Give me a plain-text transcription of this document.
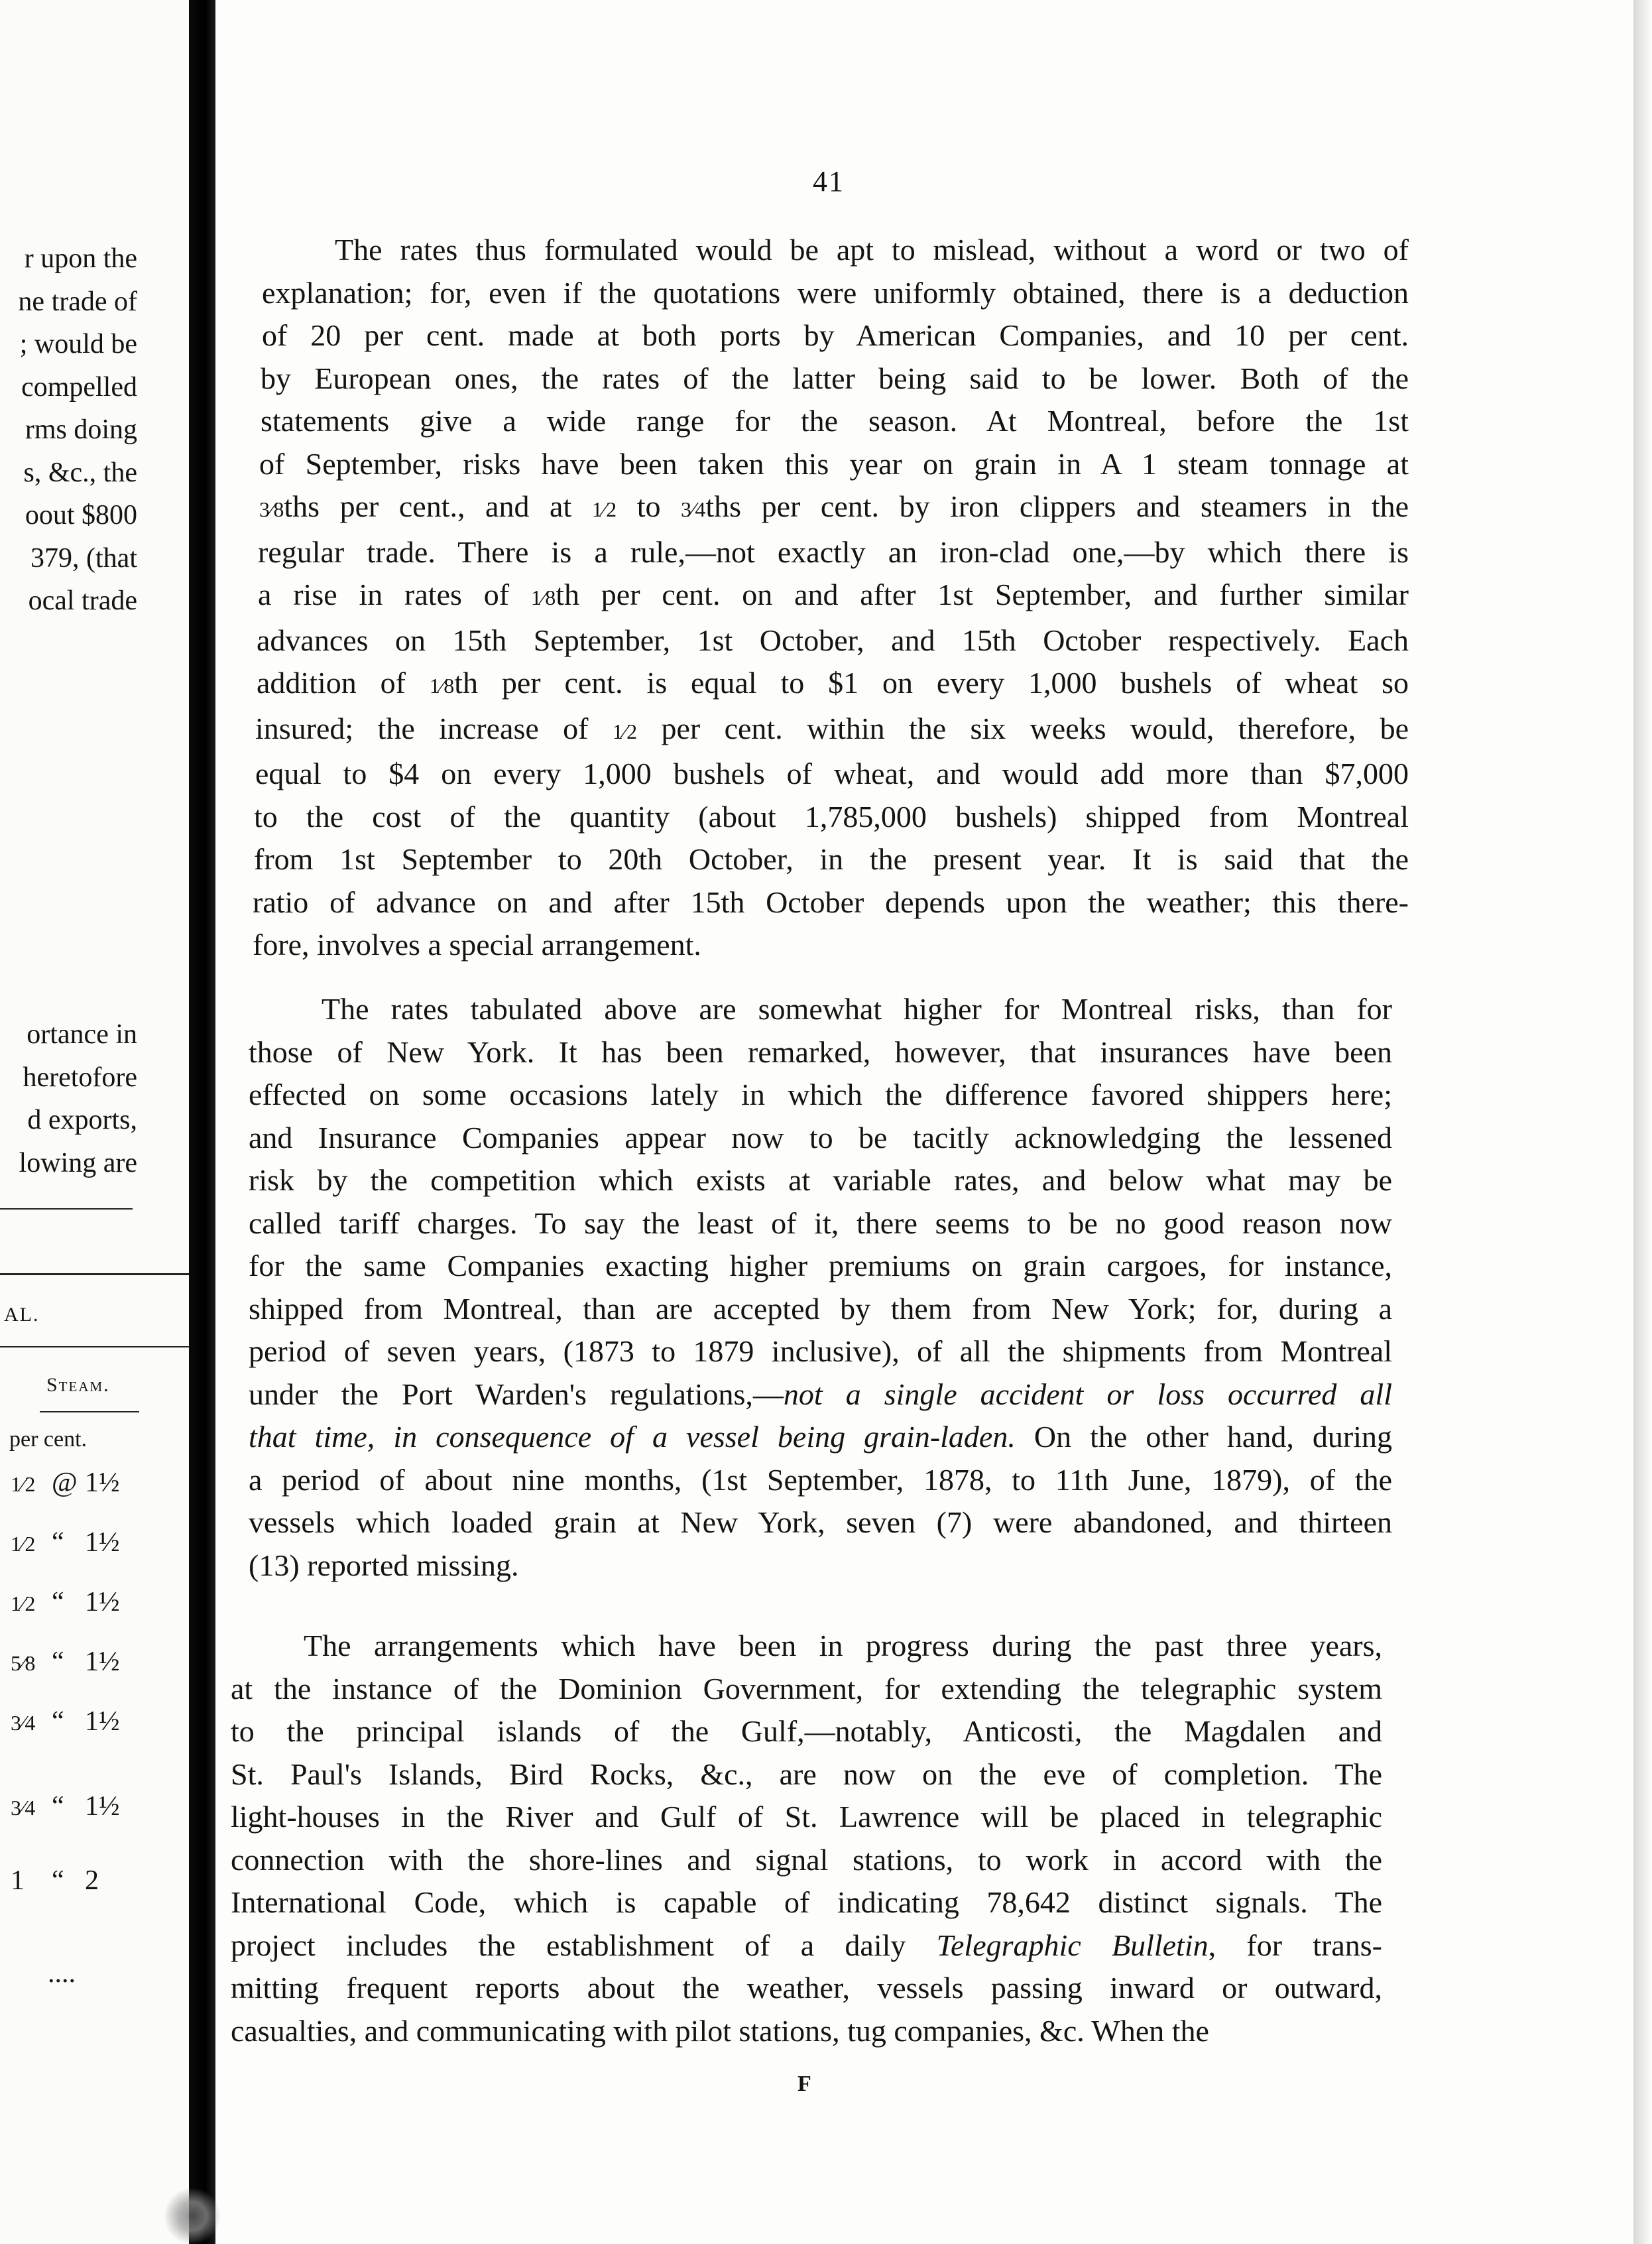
r upon the
ne trade of
; would be
compelled
rms doing
s, &c., the
oout $800
379, (that
ocal trade
ortance in
heretofore
d exports,
lowing are
AL.
Steam.
per cent.
1⁄2 @ 1½
1⁄2 “ 1½
1⁄2 “ 1½
5⁄8 “ 1½
3⁄4 “ 1½
3⁄4 “ 1½
1 “ 2
....
41
The rates thus formulated would be apt to mislead, without a word or two of
explanation; for, even if the quotations were uniformly obtained, there is a deduction
of 20 per cent. made at both ports by American Companies, and 10 per cent.
by European ones, the rates of the latter being said to be lower. Both of the
statements give a wide range for the season. At Montreal, before the 1st
of September, risks have been taken this year on grain in A 1 steam tonnage at
3⁄8ths per cent., and at 1⁄2 to 3⁄4ths per cent. by iron clippers and steamers in the
regular trade. There is a rule,—not exactly an iron-clad one,—by which there is
a rise in rates of 1⁄8th per cent. on and after 1st September, and further similar
advances on 15th September, 1st October, and 15th October respectively. Each
addition of 1⁄8th per cent. is equal to $1 on every 1,000 bushels of wheat so
insured; the increase of 1⁄2 per cent. within the six weeks would, therefore, be
equal to $4 on every 1,000 bushels of wheat, and would add more than $7,000
to the cost of the quantity (about 1,785,000 bushels) shipped from Montreal
from 1st September to 20th October, in the present year. It is said that the
ratio of advance on and after 15th October depends upon the weather; this there-
fore, involves a special arrangement.
The rates tabulated above are somewhat higher for Montreal risks, than for
those of New York. It has been remarked, however, that insurances have been
effected on some occasions lately in which the difference favored shippers here;
and Insurance Companies appear now to be tacitly acknowledging the lessened
risk by the competition which exists at variable rates, and below what may be
called tariff charges. To say the least of it, there seems to be no good reason now
for the same Companies exacting higher premiums on grain cargoes, for instance,
shipped from Montreal, than are accepted by them from New York; for, during a
period of seven years, (1873 to 1879 inclusive), of all the shipments from Montreal
under the Port Warden's regulations,—not a single accident or loss occurred all
that time, in consequence of a vessel being grain-laden. On the other hand, during
a period of about nine months, (1st September, 1878, to 11th June, 1879), of the
vessels which loaded grain at New York, seven (7) were abandoned, and thirteen
(13) reported missing.
The arrangements which have been in progress during the past three years,
at the instance of the Dominion Government, for extending the telegraphic system
to the principal islands of the Gulf,—notably, Anticosti, the Magdalen and
St. Paul's Islands, Bird Rocks, &c., are now on the eve of completion. The
light-houses in the River and Gulf of St. Lawrence will be placed in telegraphic
connection with the shore-lines and signal stations, to work in accord with the
International Code, which is capable of indicating 78,642 distinct signals. The
project includes the establishment of a daily Telegraphic Bulletin, for trans-
mitting frequent reports about the weather, vessels passing inward or outward,
casualties, and communicating with pilot stations, tug companies, &c. When the
F
